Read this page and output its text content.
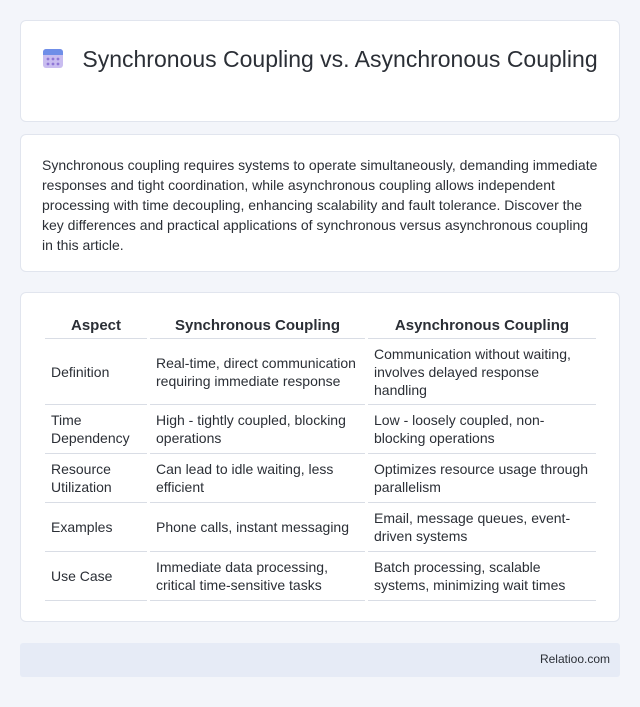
Synchronous Coupling vs. Asynchronous Coupling

Synchronous coupling requires systems to operate simultaneously, demanding immediate responses and tight coordination, while asynchronous coupling allows independent processing with time decoupling, enhancing scalability and fault tolerance. Discover the key differences and practical applications of synchronous versus asynchronous coupling in this article.

Aspect	Synchronous Coupling	Asynchronous Coupling
Definition	Real-time, direct communication requiring immediate response	Communication without waiting, involves delayed response handling
Time Dependency	High - tightly coupled, blocking operations	Low - loosely coupled, non-blocking operations
Resource Utilization	Can lead to idle waiting, less efficient	Optimizes resource usage through parallelism
Examples	Phone calls, instant messaging	Email, message queues, event-driven systems
Use Case	Immediate data processing, critical time-sensitive tasks	Batch processing, scalable systems, minimizing wait times
Relatioo.com
